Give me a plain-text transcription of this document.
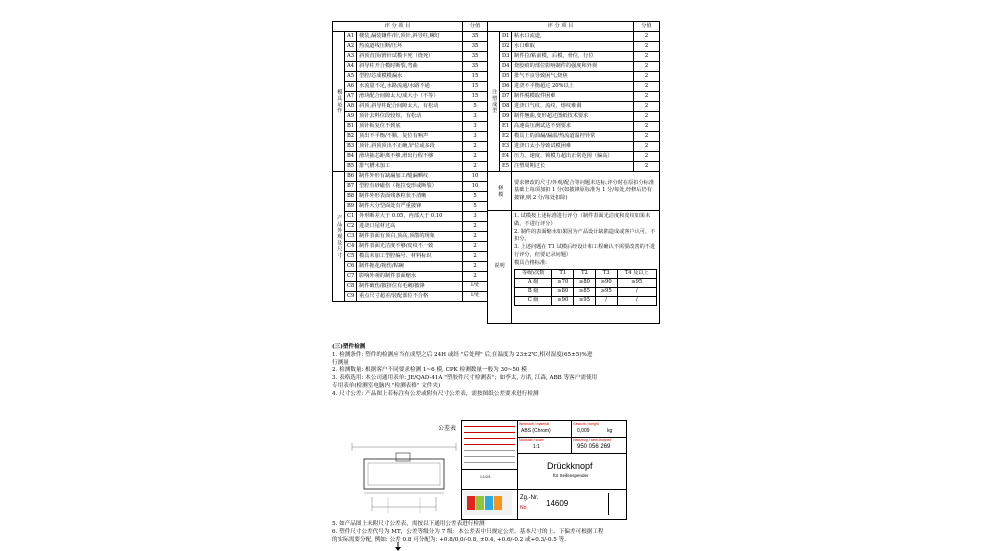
评 分 项 目			分值
模具运作	A1	楼装,漏装镶件/针,顶针,斜导柱,螺钉	35
	A2	热流道线压断/压坏	35
	A3	斜顶直顶/滑针试模卡死（烧死）	35
	A4	斜导柱开合模时断裂,弯曲	35
	A5	型腔/芯成模模漏水	15
	A6	水流量不足,水路流通/水路不通	15
	A7	滑块配合间隙太大/成大小（不等）	15
	A8	斜顶,斜导柱配合间隙太大，有松动	5
	A9	顶针去料位段较短，有松动	3
	B1	顶针板复位不到底	3
	B2	顶出不平衡/不顺，复位有响声	3
	B3	顶针,斜顶顶出不正确,铲位或多段	2
	B4	滑块抽芯距离不够,滑出行程不够	2
	B5	排气槽未加工	2
产品外观及尺寸	B6	制件外形有缺漏加工/缝漏晒纹	10
	B7	型腔有砂磁伤（拖拉变形或断裂）	10
	B8	制件外形表面残条粒状不清晰	5
	B9	制件大分型面处有严重披锋	5
	C1	外形断差大于 0.05，内部大于 0.10	3
	C2	进浇口尾材过高	2
	C3	制件表面有顶白,顶高,顶散的现象	2
	C4	制件表面光洁度不够/皮纹不一致	2
	C5	模具未加工型腔编号、材料标识	2
	C6	制件拖花/拖伤/粘碗	2
	C7	影响外观的制件表面缩水	2
	C8	制件破伤/披挤位有毛刺/披锋	1/处
	C9	重点尺寸超差/装配部位不合格	1/处
评 分 项 目	分值
注塑成型	D1	粘水口流道,	2
D2	水口难取	2
D3	制件拉/粘前模，后模，骨位，行位	2
D4	烧胶痕的部位影响制件的强度和外观	2
D5	排气不良导致困气,烧焦	2
D6	进浇不平衡超过 20%以上	2
D7	制件脱模取件困难	2
D8	进浇口气纹、流纹、熔纹难调	2
D9	制件翘曲,变形超过图纸技术要求	2
E1	高速高压测试达不到要求	2
E2	模具上的油漏/漏溢/热流道温控异常	2
E3	进浇口太小导致试模困难	2
E4	压力、速度、锁模力超出正常范围（偏高）	2
E5	注塑周期过长	2
修模	要求修改的尺寸/外观/配合等问题未达标,评分时在原扣分标准基础上每项加扣 1 分(如披锋原标准为 1 分/每处,经修后仍有披锋,则 2 分/每处扣除)
说明	
1. 试模按上述标准进行评分（制件表面光洁度和皮纹如果未做，不进行评分）
2. 制件的表面缩水如果因为产品设计缺陷造成或客户认可，不扣分。
3. 上述问题在 T1 试模后经设计和工程确认不需要改善的不进行评分，但要记录问题）
模具合格标准:
等级\次数	T1	T2	T3	T4 及以上
A 级	≥70	≥80	≥90	≥95
B 级	≥80	≥85	≥95	/
C 级	≥90	≥95	/	/

(三)塑件检测

1. 检测条件: 塑件的检测应当在成型之后 24H 或经 "后处理" 后,在温度为 23±2℃,相对湿度(65±5)%进

行测量

2. 检测数量: 根据客户不同要求检测 1~6 模, CPK 检测数量一般为 30~50 模

3. 表格选用: 本公司通用表单: JE/QAD-41A "塑胶件尺寸检测表"；如李太, 方诺, 江森, ABB 等客户需使用

专用表单(检测室电脑内 "检测表格" 文件夹)

4. 尺寸公差: 产品图上若标注有公差或附有尺寸公差表，需按图纸公差要求进行检测

公差表
Werkstoff / material
ABS (Chrom)
Gewicht / weight
0,009	kg
Maßstab / scale
1:1
Halbzeug / semi-finished
950 056 269
1:1/2/1
Drückknopf
für Seifenspender
Zg.-Nr.
No. 14609

5. 如产品图上未附尺寸公差表，需按以下通用公差表进行检测

6. 塑件尺寸公差代号为 MT，公差等级分为 7 级：本公差表中只规定公差，基本尺寸的上、下偏差可根据工程

的实际需要分配, 例如: 公差 0.8 可分配为: +0.8/0,0/-0.8, ±0.4, +0.6/-0.2 或+0.3/-0.5 等.
